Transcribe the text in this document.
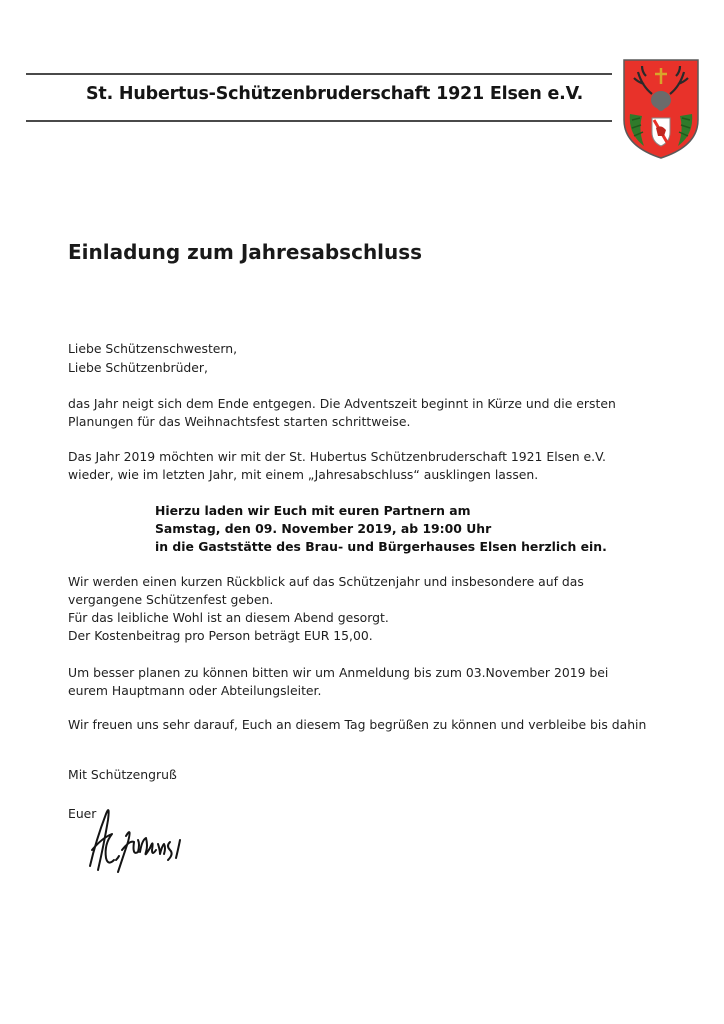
St. Hubertus-Schützenbruderschaft 1921 Elsen e.V.
Einladung zum Jahresabschluss
Liebe Schützenschwestern,
Liebe Schützenbrüder,
das Jahr neigt sich dem Ende entgegen. Die Adventszeit beginnt in Kürze und die ersten
Planungen für das Weihnachtsfest starten schrittweise.
Das Jahr 2019 möchten wir mit der St. Hubertus Schützenbruderschaft 1921 Elsen e.V.
wieder, wie im letzten Jahr, mit einem „Jahresabschluss“ ausklingen lassen.
Hierzu laden wir Euch mit euren Partnern am
Samstag, den 09. November 2019, ab 19:00 Uhr
in die Gaststätte des Brau- und Bürgerhauses Elsen herzlich ein.
Wir werden einen kurzen Rückblick auf das Schützenjahr und insbesondere auf das
vergangene Schützenfest geben.
Für das leibliche Wohl ist an diesem Abend gesorgt.
Der Kostenbeitrag pro Person beträgt EUR 15,00.
Um besser planen zu können bitten wir um Anmeldung bis zum 03.November 2019 bei
eurem Hauptmann oder Abteilungsleiter.
Wir freuen uns sehr darauf, Euch an diesem Tag begrüßen zu können und verbleibe bis dahin
Mit Schützengruß
Euer
